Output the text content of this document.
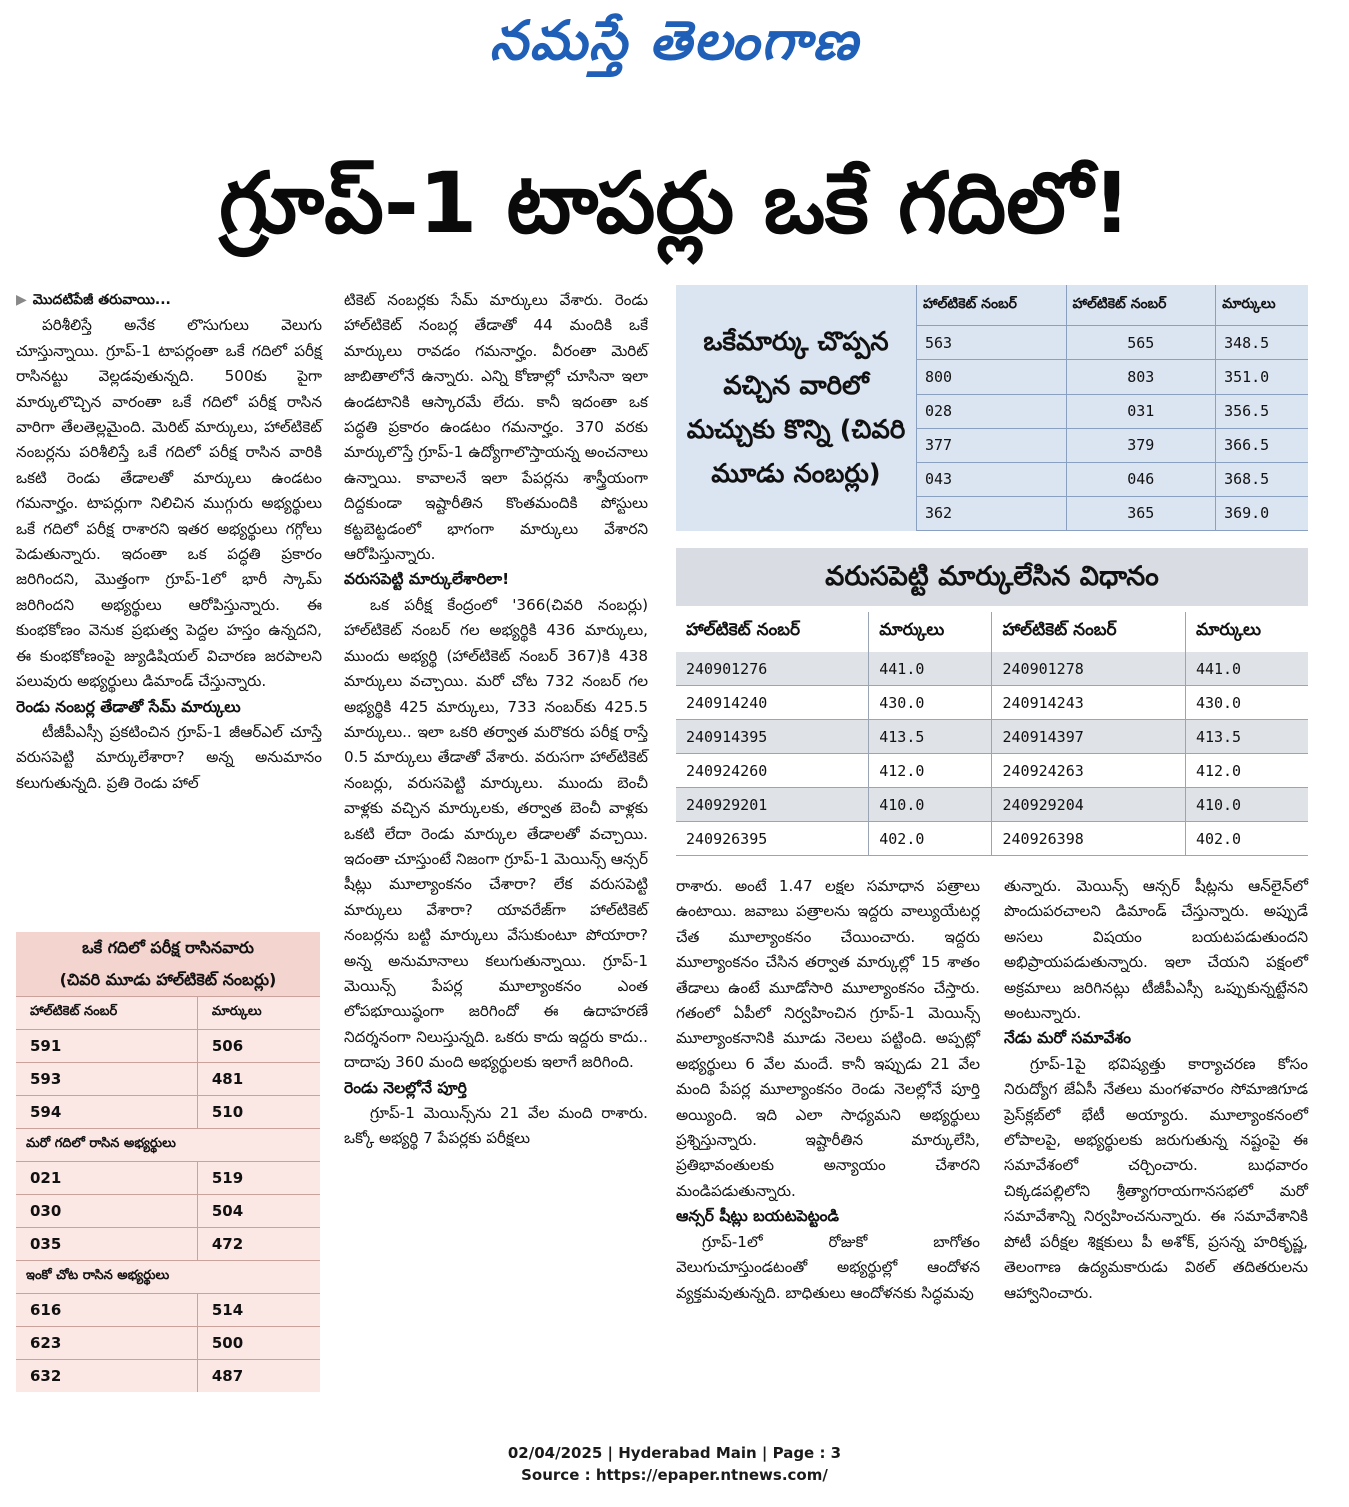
నమస్తే తెలంగాణ
గ్రూప్‌-1 టాపర్లు ఒకే గదిలో!

▶ మొదటిపేజీ తరువాయి...

పరిశీలిస్తే అనేక లొసుగులు వెలుగు చూస్తున్నాయి. గ్రూప్‌-1 టాపర్లంతా ఒకే గదిలో పరీక్ష రాసినట్టు వెల్లడవుతున్నది. 500కు పైగా మార్కులొచ్చిన వారంతా ఒకే గదిలో పరీక్ష రాసిన వారిగా తేలతెల్లమైంది. మెరిట్‌ మార్కులు, హాల్‌టికెట్‌ నంబర్లను పరిశీలిస్తే ఒకే గదిలో పరీక్ష రాసిన వారికి ఒకటి రెండు తేడాలతో మార్కులు ఉండటం గమనార్హం. టాపర్లుగా నిలిచిన ముగ్గురు అభ్యర్థులు ఒకే గదిలో పరీక్ష రాశారని ఇతర అభ్యర్థులు గగ్గోలు పెడుతున్నారు. ఇదంతా ఒక పద్ధతి ప్రకారం జరిగిందని, మొత్తంగా గ్రూప్‌-1లో భారీ స్కామ్‌ జరిగిందని అభ్యర్థులు ఆరోపిస్తున్నారు. ఈ కుంభకోణం వెనుక ప్రభుత్వ పెద్దల హస్తం ఉన్నదని, ఈ కుంభకోణంపై జ్యుడిషియల్‌ విచారణ జరపాలని పలువురు అభ్యర్థులు డిమాండ్‌ చేస్తున్నారు.

రెండు నంబర్ల తేడాతో సేమ్‌ మార్కులు

టీజీపీఎస్సీ ప్రకటించిన గ్రూప్‌-1 జీఆర్‌ఎల్‌ చూస్తే వరుసపెట్టి మార్కులేశారా? అన్న అనుమానం కలుగుతున్నది. ప్రతి రెండు హాల్‌

ఒకే గదిలో పరీక్ష రాసినవారు
(చివరి మూడు హాల్‌టికెట్‌ నంబర్లు)
హాల్‌టికెట్‌ నంబర్‌	మార్కులు
591	506
593	481
594	510
మరో గదిలో రాసిన అభ్యర్థులు	
021	519
030	504
035	472
ఇంకో చోట రాసిన అభ్యర్థులు	
616	514
623	500
632	487

టికెట్‌ నంబర్లకు సేమ్‌ మార్కులు వేశారు. రెండు హాల్‌టికెట్‌ నంబర్ల తేడాతో 44 మందికి ఒకే మార్కులు రావడం గమనార్హం. వీరంతా మెరిట్‌ జాబితాలోనే ఉన్నారు. ఎన్ని కోణాల్లో చూసినా ఇలా ఉండటానికి ఆస్కారమే లేదు. కానీ ఇదంతా ఒక పద్ధతి ప్రకారం ఉండటం గమనార్హం. 370 వరకు మార్కులొస్తే గ్రూప్‌-1 ఉద్యోగాలొస్తాయన్న అంచనాలు ఉన్నాయి. కావాలనే ఇలా పేపర్లను శాస్త్రీయంగా దిద్దకుండా ఇష్టారీతిన కొంతమందికి పోస్టులు కట్టబెట్టడంలో భాగంగా మార్కులు వేశారని ఆరోపిస్తున్నారు.

వరుసపెట్టి మార్కులేశారిలా!

ఒక పరీక్ష కేంద్రంలో '366(చివరి నంబర్లు) హాల్‌టికెట్‌ నంబర్‌ గల అభ్యర్థికి 436 మార్కులు, ముందు అభ్యర్థి (హాల్‌టికెట్‌ నంబర్‌ 367)కి 438 మార్కులు వచ్చాయి. మరో చోట 732 నంబర్‌ గల అభ్యర్థికి 425 మార్కులు, 733 నంబర్‌కు 425.5 మార్కులు.. ఇలా ఒకరి తర్వాత మరొకరు పరీక్ష రాస్తే 0.5 మార్కులు తేడాతో వేశారు. వరుసగా హాల్‌టికెట్‌ నంబర్లు, వరుసపెట్టి మార్కులు. ముందు బెంచీ వాళ్లకు వచ్చిన మార్కులకు, తర్వాత బెంచీ వాళ్లకు ఒకటి లేదా రెండు మార్కుల తేడాలతో వచ్చాయి. ఇదంతా చూస్తుంటే నిజంగా గ్రూప్‌-1 మెయిన్స్‌ ఆన్సర్‌ షీట్లు మూల్యాంకనం చేశారా? లేక వరుసపెట్టి మార్కులు వేశారా? యావరేజ్‌గా హాల్‌టికెట్‌ నంబర్లను బట్టి మార్కులు వేసుకుంటూ పోయారా? అన్న అనుమానాలు కలుగుతున్నాయి. గ్రూప్‌-1 మెయిన్స్‌ పేపర్ల మూల్యాంకనం ఎంత లోపభూయిష్ఠంగా జరిగిందో ఈ ఉదాహరణే నిదర్శనంగా నిలుస్తున్నది. ఒకరు కాదు ఇద్దరు కాదు.. దాదాపు 360 మంది అభ్యర్థులకు ఇలాగే జరిగింది.

రెండు నెలల్లోనే పూర్తి

గ్రూప్‌-1 మెయిన్స్‌ను 21 వేల మంది రాశారు. ఒక్కో అభ్యర్థి 7 పేపర్లకు పరీక్షలు

ఒకేమార్కు చొప్పన వచ్చిన వారిలో మచ్చుకు కొన్ని (చివరి మూడు నంబర్లు)
హాల్‌టికెట్‌ నంబర్‌	హాల్‌టికెట్‌ నంబర్‌	మార్కులు
563	565	348.5
800	803	351.0
028	031	356.5
377	379	366.5
043	046	368.5
362	365	369.0
వరుసపెట్టి మార్కులేసిన విధానం
హాల్‌టికెట్‌ నంబర్‌	మార్కులు	హాల్‌టికెట్‌ నంబర్‌	మార్కులు
240901276	441.0	240901278	441.0
240914240	430.0	240914243	430.0
240914395	413.5	240914397	413.5
240924260	412.0	240924263	412.0
240929201	410.0	240929204	410.0
240926395	402.0	240926398	402.0

రాశారు. అంటే 1.47 లక్షల సమాధాన పత్రాలు ఉంటాయి. జవాబు పత్రాలను ఇద్దరు వాల్యుయేటర్ల చేత మూల్యాంకనం చేయించారు. ఇద్దరు మూల్యాంకనం చేసిన తర్వాత మార్కుల్లో 15 శాతం తేడాలు ఉంటే మూడోసారి మూల్యాంకనం చేస్తారు. గతంలో ఏపీలో నిర్వహించిన గ్రూప్‌-1 మెయిన్స్‌ మూల్యాంకనానికి మూడు నెలలు పట్టింది. అప్పట్లో అభ్యర్థులు 6 వేల మందే. కానీ ఇప్పుడు 21 వేల మంది పేపర్ల మూల్యాంకనం రెండు నెలల్లోనే పూర్తి అయ్యింది. ఇది ఎలా సాధ్యమని అభ్యర్థులు ప్రశ్నిస్తున్నారు. ఇష్టారీతిన మార్కులేసి, ప్రతిభావంతులకు అన్యాయం చేశారని మండిపడుతున్నారు.

ఆన్సర్‌ షీట్లు బయటపెట్టండి

గ్రూప్‌-1లో రోజుకో బాగోతం వెలుగుచూస్తుండటంతో అభ్యర్థుల్లో ఆందోళన వ్యక్తమవుతున్నది. బాధితులు ఆందోళనకు సిద్ధమవు

తున్నారు. మెయిన్స్‌ ఆన్సర్‌ షీట్లను ఆన్‌లైన్‌లో పొందుపరచాలని డిమాండ్‌ చేస్తున్నారు. అప్పుడే అసలు విషయం బయటపడుతుందని అభిప్రాయపడుతున్నారు. ఇలా చేయని పక్షంలో అక్రమాలు జరిగినట్లు టీజీపీఎస్సీ ఒప్పుకున్నట్టేనని అంటున్నారు.

నేడు మరో సమావేశం

గ్రూప్‌-1పై భవిష్యత్తు కార్యాచరణ కోసం నిరుద్యోగ జేఏసీ నేతలు మంగళవారం సోమాజిగూడ ప్రెస్‌క్లబ్‌లో భేటీ అయ్యారు. మూల్యాంకనంలో లోపాలపై, అభ్యర్థులకు జరుగుతున్న నష్టంపై ఈ సమావేశంలో చర్చించారు. బుధవారం చిక్కడపల్లిలోని శ్రీత్యాగరాయగానసభలో మరో సమావేశాన్ని నిర్వహించనున్నారు. ఈ సమావేశానికి పోటీ పరీక్షల శిక్షకులు పీ అశోక్‌, ప్రసన్న హరికృష్ణ, తెలంగాణ ఉద్యమకారుడు విఠల్‌ తదితరులను ఆహ్వానించారు.

02/04/2025 | Hyderabad Main | Page : 3
Source : https://epaper.ntnews.com/
